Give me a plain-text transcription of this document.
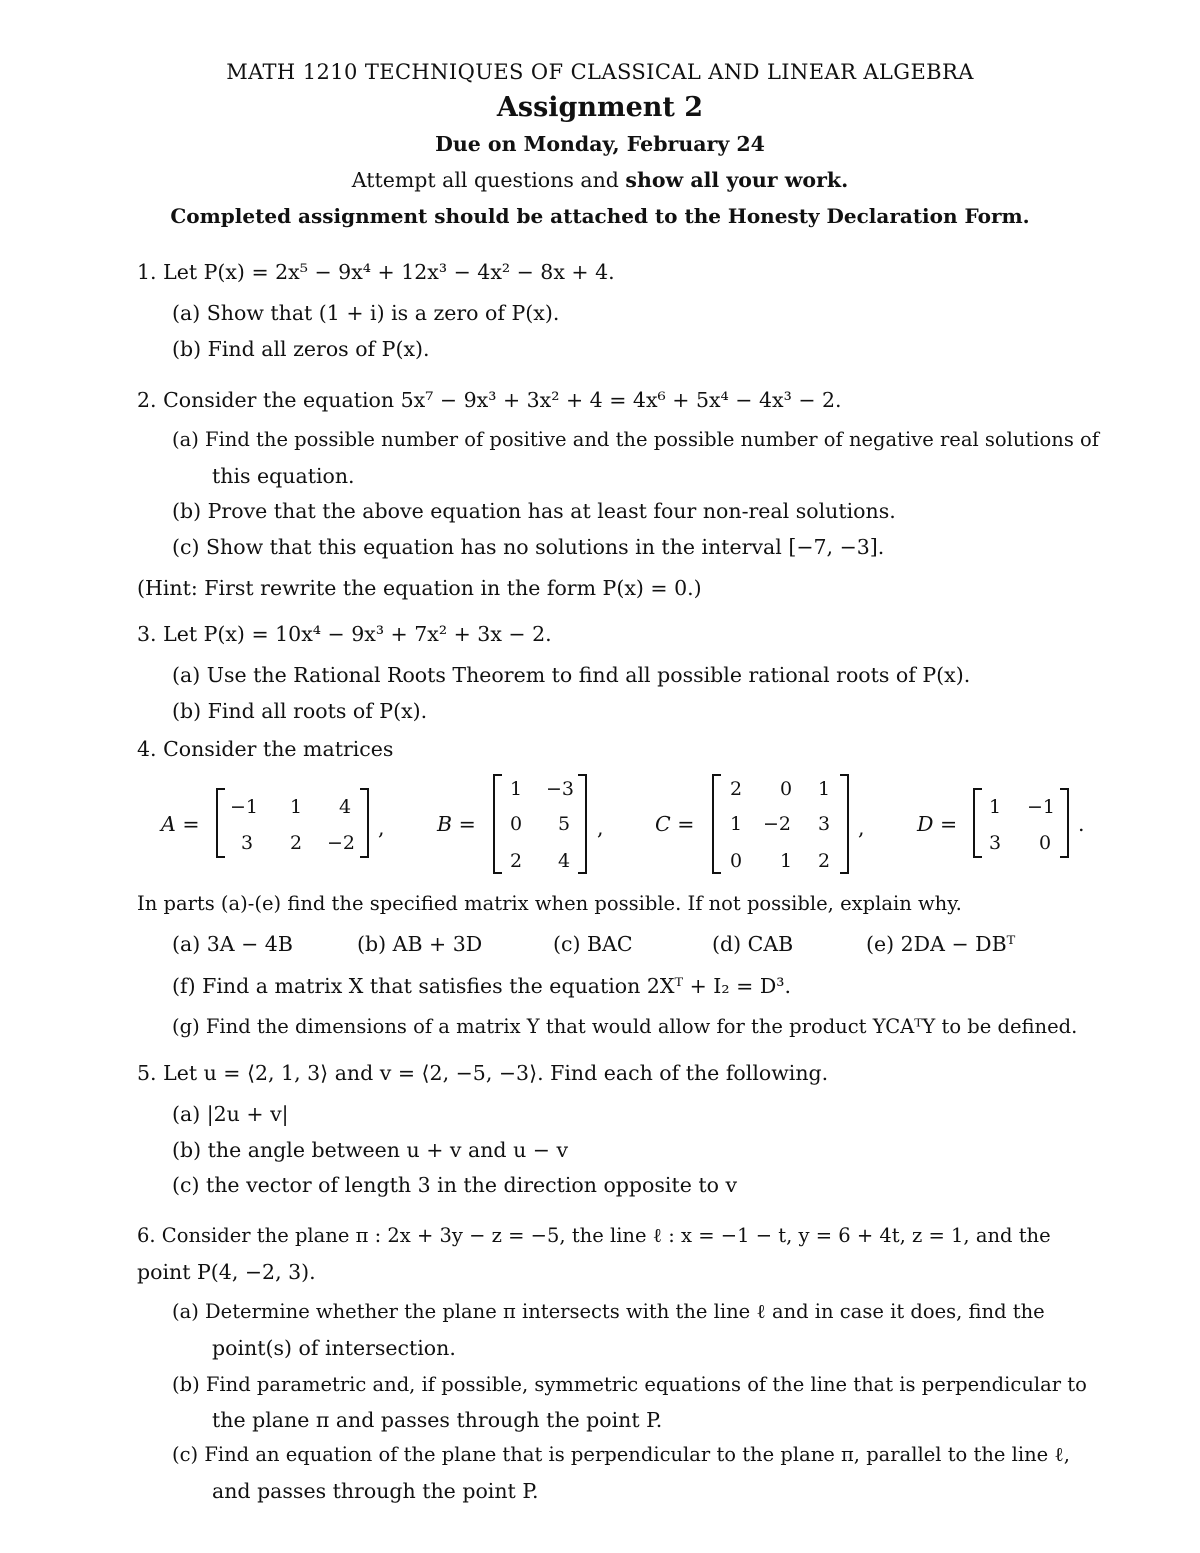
MATH 1210 TECHNIQUES OF CLASSICAL AND LINEAR ALGEBRA
Assignment 2
Due on Monday, February 24
Attempt all questions and show all your work.
Completed assignment should be attached to the Honesty Declaration Form.
1. Let P(x) = 2x⁵ − 9x⁴ + 12x³ − 4x² − 8x + 4.
(a) Show that (1 + i) is a zero of P(x).
(b) Find all zeros of P(x).
2. Consider the equation 5x⁷ − 9x³ + 3x² + 4 = 4x⁶ + 5x⁴ − 4x³ − 2.
(a) Find the possible number of positive and the possible number of negative real solutions of
this equation.
(b) Prove that the above equation has at least four non-real solutions.
(c) Show that this equation has no solutions in the interval [−7, −3].
(Hint: First rewrite the equation in the form P(x) = 0.)
3. Let P(x) = 10x⁴ − 9x³ + 7x² + 3x − 2.
(a) Use the Rational Roots Theorem to find all possible rational roots of P(x).
(b) Find all roots of P(x).
4. Consider the matrices
A =
−1	1	4
3	2	−2
,	B =
1	−3
0	5
2	4
,	C =
2	0	1
1	−2	3
0	1	2
,	D =
1	−1
3	0
.
In parts (a)-(e) find the specified matrix when possible. If not possible, explain why.
(a) 3A − 4B	(b) AB + 3D	(c) BAC	(d) CAB	(e) 2DA − DBᵀ
(f) Find a matrix X that satisfies the equation 2Xᵀ + I₂ = D³.
(g) Find the dimensions of a matrix Y that would allow for the product YCAᵀY to be defined.
5. Let u = ⟨2, 1, 3⟩ and v = ⟨2, −5, −3⟩. Find each of the following.
(a) |2u + v|
(b) the angle between u + v and u − v
(c) the vector of length 3 in the direction opposite to v
6. Consider the plane π : 2x + 3y − z = −5, the line ℓ : x = −1 − t, y = 6 + 4t, z = 1, and the
point P(4, −2, 3).
(a) Determine whether the plane π intersects with the line ℓ and in case it does, find the
point(s) of intersection.
(b) Find parametric and, if possible, symmetric equations of the line that is perpendicular to
the plane π and passes through the point P.
(c) Find an equation of the plane that is perpendicular to the plane π, parallel to the line ℓ,
and passes through the point P.
